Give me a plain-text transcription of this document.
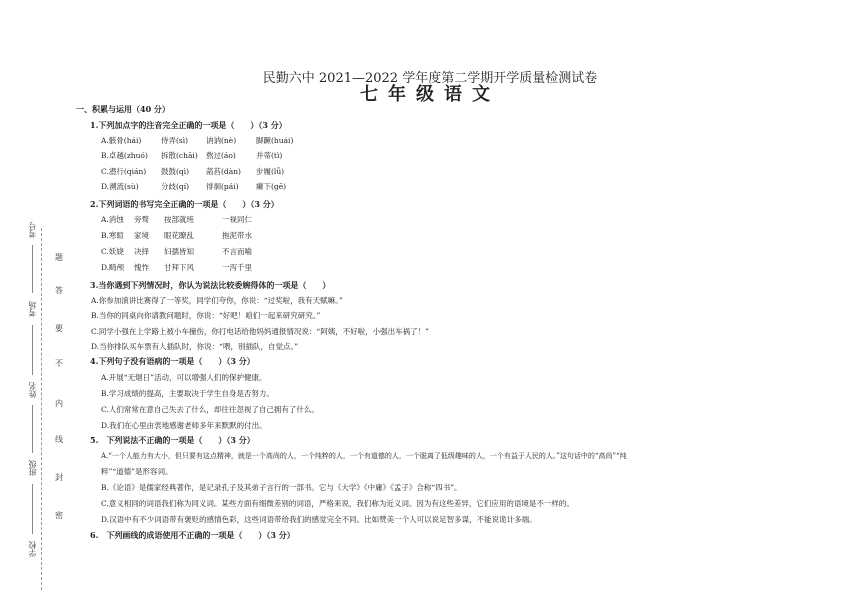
民勤六中 2021—2022 学年度第二学期开学质量检测试卷
七年级语文
一、积累与运用（40 分）
1.下列加点字的注音完全正确的一项是（　　）（3 分）
A.骸骨(hái)	侍弄(sì) 讷讷(nè)	脚蹶(huái)
B.卓越(zhuó) 拆散(chāi) 熬过(áo)	并蒂(tì)
C.潜行(qián) 鼓鼓(qì) 菡萏(dàn) 步履(lǚ)
D.溯流(sù)	分歧(qí) 徘徊(pái) 癞下(gē)
2.下列词语的书写完全正确的一项是（　　）（3 分）
A.消蚀 旁骛 按部就班	一视同仁
B.寒暄 家境 眼花瞭乱	拖泥带水
C.妖娆 决择 妇孺皆知	不言而喻
D.畸颅 愧怍 甘拜下风	一泻千里
3.当你遇到下列情况时，你认为说法比较委婉得体的一项是（　　）
A.你参加演讲比赛得了一等奖，同学们夸你，你说：“过奖啦，我有天赋嘛。”
B.当你的同桌向你请教问题时，你说：“好吧！咱们一起来研究研究。”
C.同学小强在上学路上被小车撞伤，你打电话给他妈妈通报情况说：“阿姨，不好啦，小强出车祸了！”
D.当你排队买车票有人插队时，你说：“喂，别插队，自觉点。”
4.下列句子没有语病的一项是（　　）（3 分）
A.开展“无烟日”活动，可以增强人们的保护健康。
B.学习成绩的提高，主要取决于学生自身是否努力。
C.人们常常在意自己失去了什么，却往往忽视了自己拥有了什么。
D.我们在心里由衷地感谢老师多年来默默的付出。
5.　下列说法不正确的一项是（　　）（3 分）
A.“一个人能力有大小，但只要有这点精神，就是一个高尚的人，一个纯粹的人，一个有道德的人，一个脱离了低级趣味的人，一个有益于人民的人。”这句话中的“高尚”“纯
粹”“道德”是形容词。
B.《论语》是儒家经典著作，是记录孔子及其弟子言行的一部书。它与《大学》《中庸》《孟子》合称“四书”。
C.意义相同的词语我们称为同义词。某些方面有细微差别的词语，严格来说，我们称为近义词。因为有这些差异，它们应用的语境是不一样的。
D.汉语中有不少词语带有褒贬的感情色彩，这些词语带给我们的感觉完全不同。比如赞美一个人可以说足智多谋，不能说诡计多端。
6.　下列画线的成语使用不正确的一项是（　　）（3 分）
考号
考场
姓名
班级
学校
题
答
要
不
内
线
封
密
